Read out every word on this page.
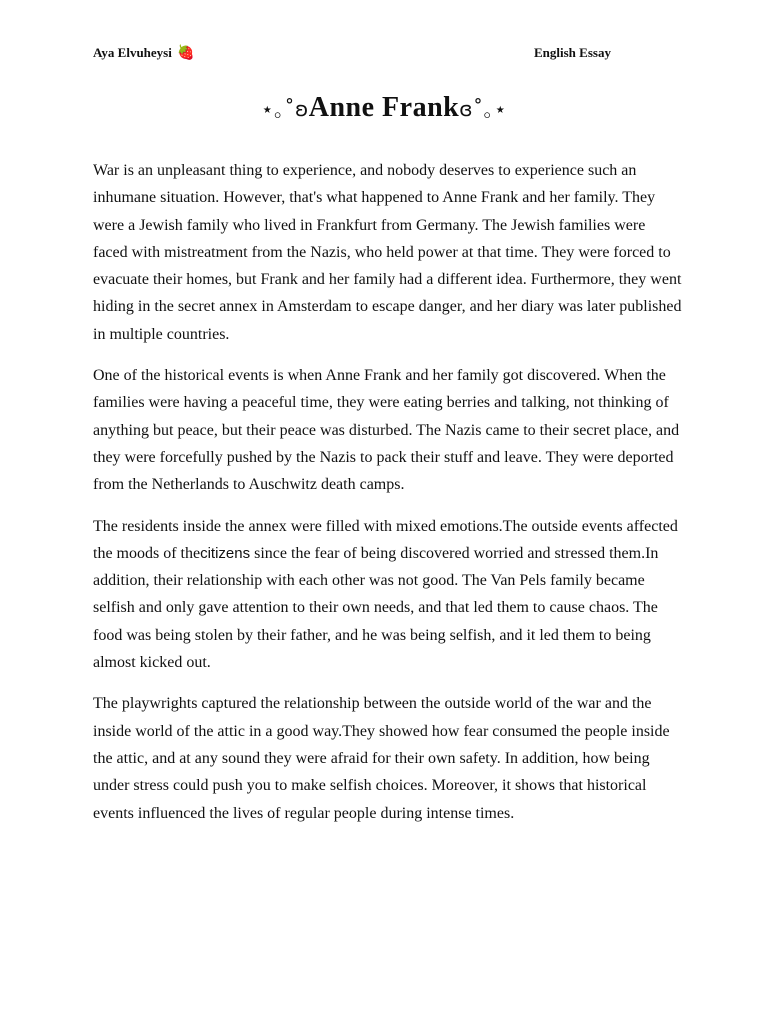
Aya Elvuheysi 🍓	English Essay
⋆｡˚ʚAnne Frankɞ˚｡⋆

War is an unpleasant thing to experience, and nobody deserves to experience such an inhumane situation. However, that's what happened to Anne Frank and her family. They were a Jewish family who lived in Frankfurt from Germany. The Jewish families were faced with mistreatment from the Nazis, who held power at that time. They were forced to evacuate their homes, but Frank and her family had a different idea. Furthermore, they went hiding in the secret annex in Amsterdam to escape danger, and her diary was later published in multiple countries.

One of the historical events is when Anne Frank and her family got discovered. When the families were having a peaceful time, they were eating berries and talking, not thinking of anything but peace, but their peace was disturbed. The Nazis came to their secret place, and they were forcefully pushed by the Nazis to pack their stuff and leave. They were deported from the Netherlands to Auschwitz death camps.

The residents inside the annex were filled with mixed emotions.The outside events affected the moods of thecitizens since the fear of being discovered worried and stressed them.In addition, their relationship with each other was not good. The Van Pels family became selfish and only gave attention to their own needs, and that led them to cause chaos. The food was being stolen by their father, and he was being selfish, and it led them to being almost kicked out.

The playwrights captured the relationship between the outside world of the war and the inside world of the attic in a good way.They showed how fear consumed the people inside the attic, and at any sound they were afraid for their own safety. In addition, how being under stress could push you to make selfish choices. Moreover, it shows that historical events influenced the lives of regular people during intense times.
